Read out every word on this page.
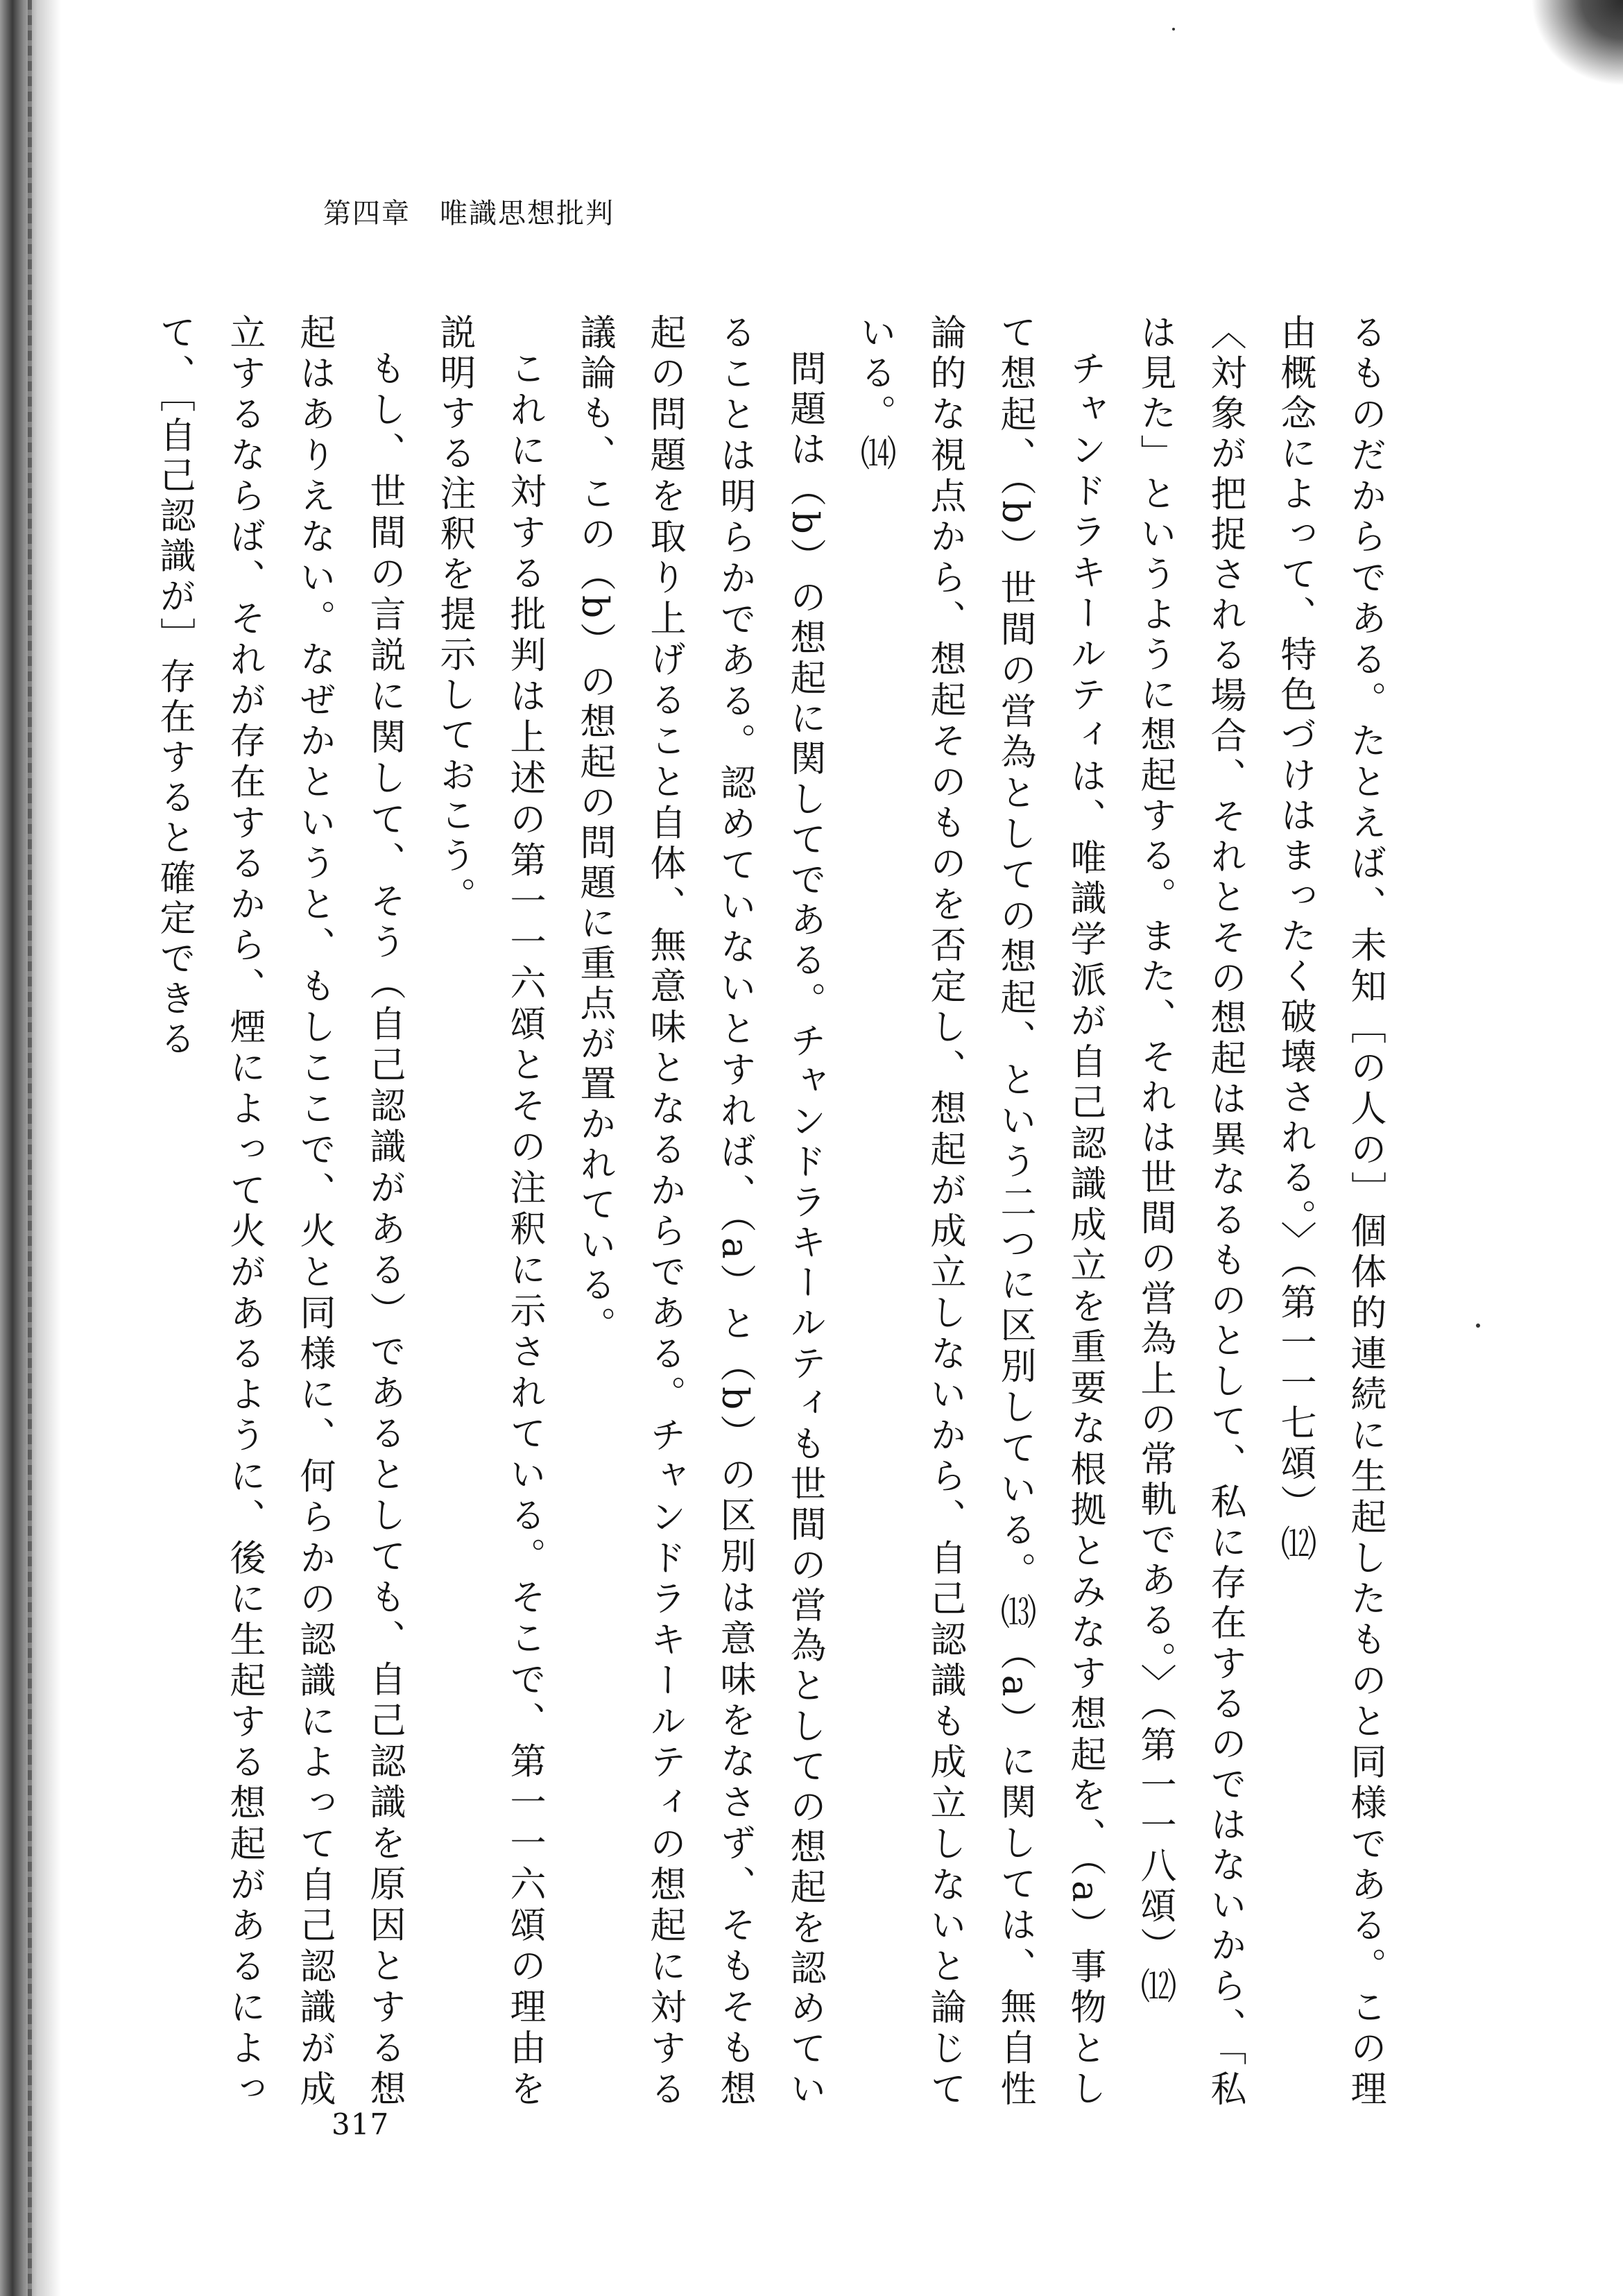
第四章　唯識思想批判

るものだからである。たとえば、未知［の人の］個体的連続に生起したものと同様である。この理由概念によって、特色づけはまったく破壊される。〉（第一一七頌）⑿

〈対象が把捉される場合、それとその想起は異なるものとして、私に存在するのではないから、「私は見た」というように想起する。また、それは世間の営為上の常軌である。〉（第一一八頌）⑿

チャンドラキールティは、唯識学派が自己認識成立を重要な根拠とみなす想起を、（a）事物として想起、（b）世間の営為としての想起、という二つに区別している。⒀（a）に関しては、無自性論的な視点から、想起そのものを否定し、想起が成立しないから、自己認識も成立しないと論じている。⒁

問題は（b）の想起に関してである。チャンドラキールティも世間の営為としての想起を認めていることは明らかである。認めていないとすれば、（a）と（b）の区別は意味をなさず、そもそも想起の問題を取り上げること自体、無意味となるからである。チャンドラキールティの想起に対する議論も、この（b）の想起の問題に重点が置かれている。

これに対する批判は上述の第一一六頌とその注釈に示されている。そこで、第一一六頌の理由を説明する注釈を提示しておこう。

もし、世間の言説に関して、そう（自己認識がある）であるとしても、自己認識を原因とする想起はありえない。なぜかというと、もしここで、火と同様に、何らかの認識によって自己認識が成立するならば、それが存在するから、煙によって火があるように、後に生起する想起があるによって、［自己認識が］存在すると確定できる

317
